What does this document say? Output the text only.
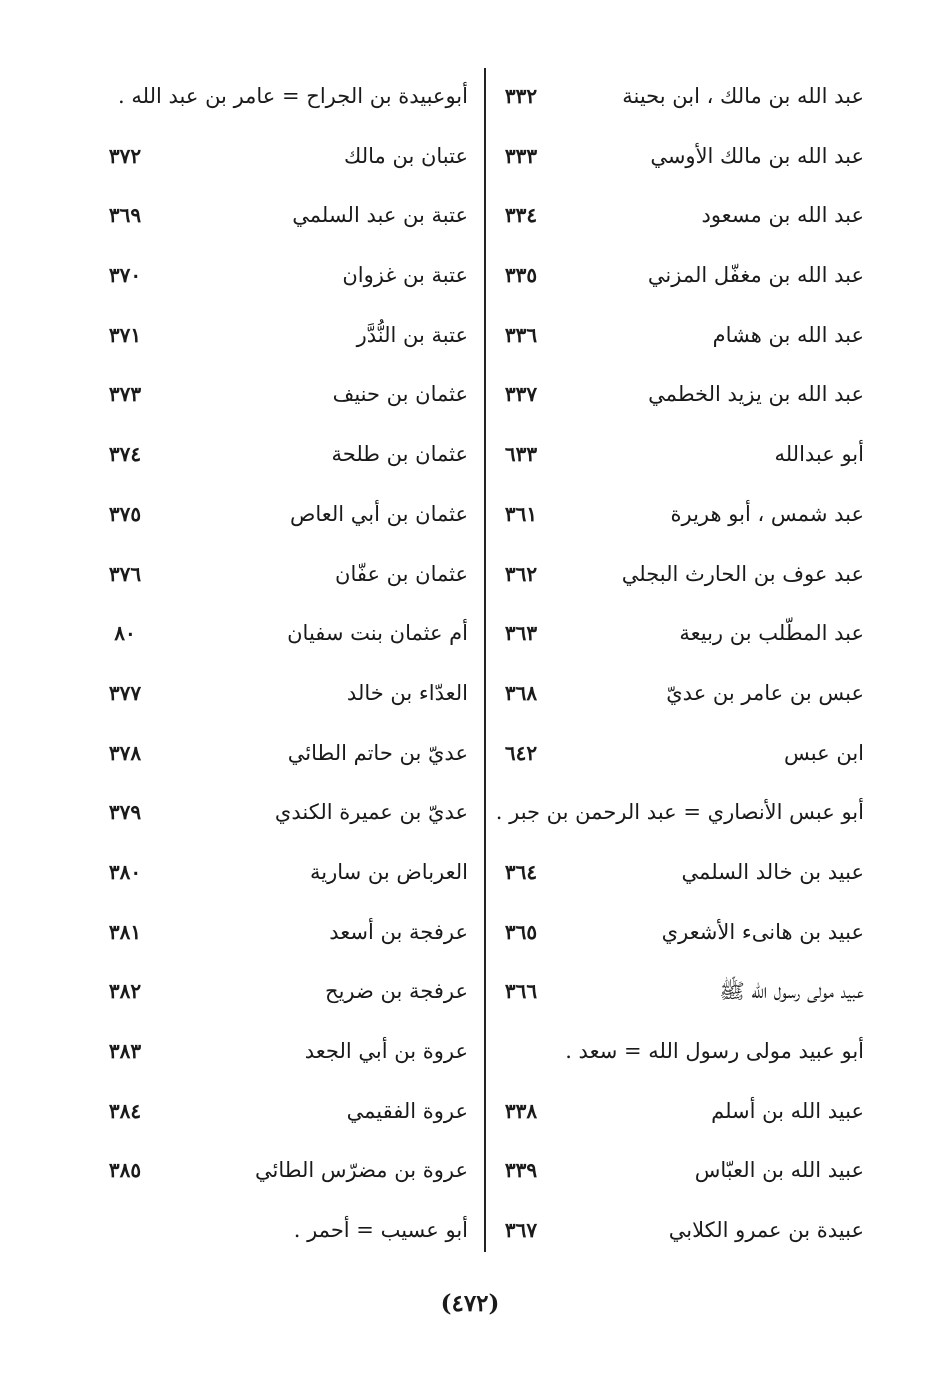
عبد الله بن مالك ، ابن بحينة
٣٣٢
عبد الله بن مالك الأوسي
٣٣٣
عبد الله بن مسعود
٣٣٤
عبد الله بن مغفّل المزني
٣٣٥
عبد الله بن هشام
٣٣٦
عبد الله بن يزيد الخطمي
٣٣٧
أبو عبدالله
٦٣٣
عبد شمس ، أبو هريرة
٣٦١
عبد عوف بن الحارث البجلي
٣٦٢
عبد المطّلب بن ربيعة
٣٦٣
عبس بن عامر بن عديّ
٣٦٨
ابن عبس
٦٤٢
أبو عبس الأنصاري = عبد الرحمن بن جبر .
عبيد بن خالد السلمي
٣٦٤
عبيد بن هانىء الأشعري
٣٦٥
عبيد مولى رسول الله ﷺ
٣٦٦
أبو عبيد مولى رسول الله = سعد .
عبيد الله بن أسلم
٣٣٨
عبيد الله بن العبّاس
٣٣٩
عبيدة بن عمرو الكلابي
٣٦٧
أبوعبيدة بن الجراح = عامر بن عبد الله .
عتبان بن مالك
٣٧٢
عتبة بن عبد السلمي
٣٦٩
عتبة بن غزوان
٣٧٠
عتبة بن النُّدَّر
٣٧١
عثمان بن حنيف
٣٧٣
عثمان بن طلحة
٣٧٤
عثمان بن أبي العاص
٣٧٥
عثمان بن عفّان
٣٧٦
أم عثمان بنت سفيان
٨٠
العدّاء بن خالد
٣٧٧
عديّ بن حاتم الطائي
٣٧٨
عديّ بن عميرة الكندي
٣٧٩
العرباض بن سارية
٣٨٠
عرفجة بن أسعد
٣٨١
عرفجة بن ضريح
٣٨٢
عروة بن أبي الجعد
٣٨٣
عروة الفقيمي
٣٨٤
عروة بن مضرّس الطائي
٣٨٥
أبو عسيب = أحمر .
(٤٧٢)
